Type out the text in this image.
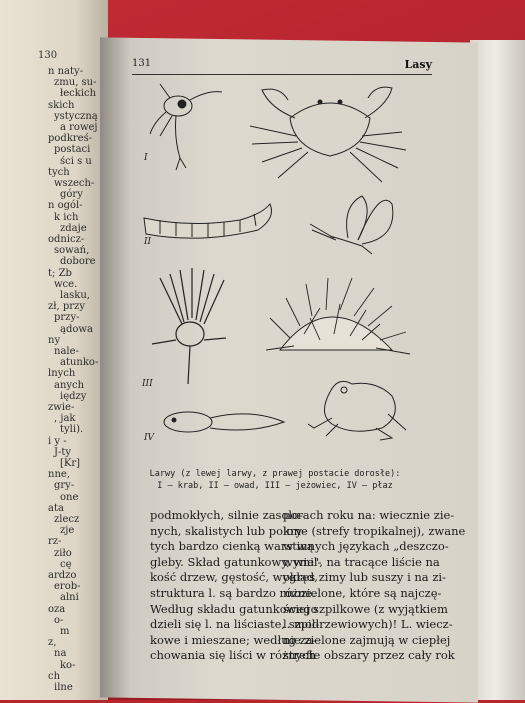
130
n naty-
zmu, su-
łeckich
skich
ystyczną
a rowej
podkreś-
postaci
ści s u
tych
wszech-
góry
n ogól-
k ich
zdaje
odnicz-
sowań,
dobore
t; Zb
wce.
lasku,
zł, przy
przy-
ądowa
ny
nale-
atunko-
lnych
anych
iędzy
zwie-
, jak
tyli).
i y -
J-ty
[Kr]
nne,
gry-
one
ata
zlecz
zje
rz-
ziło
cę
ardzo
erob-
alni
oza
o-
m
z,
na
ko-
ch
ilne
131	Lasy
I
II
III
IV
Larwy (z lewej larwy, z prawej postacie dorosłe):
I — krab, II — owad, III — jeżowiec, IV — płaz

podmokłych, silnie zasolo-

nych, skalistych lub pokry-

tych bardzo cienką warstwą

gleby. Skład gatunkowy, wiel-

kość drzew, gęstość, wygląd,

struktura l. są bardzo różne.

Według składu gatunkowego

dzieli się l. na liściaste, szpil-

kowe i mieszane; według za-

chowania się liści w różnych

porach roku na: wiecznie zie-

lone (strefy tropikalnej), zwane

w innych językach „deszczo-

wymi", na tracące liście na

okres zimy lub suszy i na zi-

mozielone, które są najczę-

ściej szpilkowe (z wyjątkiem

l. modrzewiowych)! L. wiecz-

nie zielone zajmują w ciepłej

strefie obszary przez cały rok
